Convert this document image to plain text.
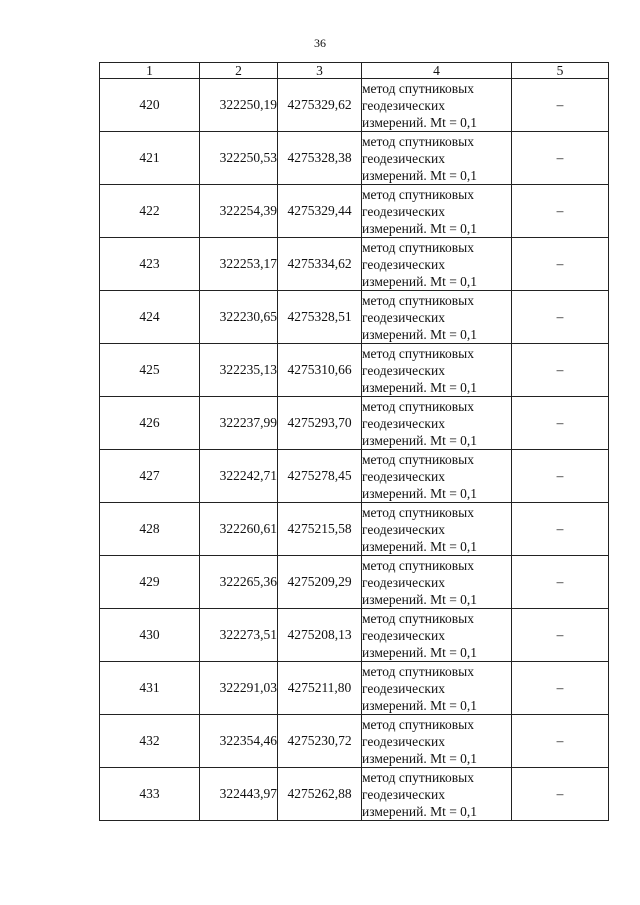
36
1	2	3	4	5
420	322250,19	4275329,62	метод спутниковых
геодезических
измерений. Mt = 0,1	–
421	322250,53	4275328,38	метод спутниковых
геодезических
измерений. Mt = 0,1	–
422	322254,39	4275329,44	метод спутниковых
геодезических
измерений. Mt = 0,1	–
423	322253,17	4275334,62	метод спутниковых
геодезических
измерений. Mt = 0,1	–
424	322230,65	4275328,51	метод спутниковых
геодезических
измерений. Mt = 0,1	–
425	322235,13	4275310,66	метод спутниковых
геодезических
измерений. Mt = 0,1	–
426	322237,99	4275293,70	метод спутниковых
геодезических
измерений. Mt = 0,1	–
427	322242,71	4275278,45	метод спутниковых
геодезических
измерений. Mt = 0,1	–
428	322260,61	4275215,58	метод спутниковых
геодезических
измерений. Mt = 0,1	–
429	322265,36	4275209,29	метод спутниковых
геодезических
измерений. Mt = 0,1	–
430	322273,51	4275208,13	метод спутниковых
геодезических
измерений. Mt = 0,1	–
431	322291,03	4275211,80	метод спутниковых
геодезических
измерений. Mt = 0,1	–
432	322354,46	4275230,72	метод спутниковых
геодезических
измерений. Mt = 0,1	–
433	322443,97	4275262,88	метод спутниковых
геодезических
измерений. Mt = 0,1	–
